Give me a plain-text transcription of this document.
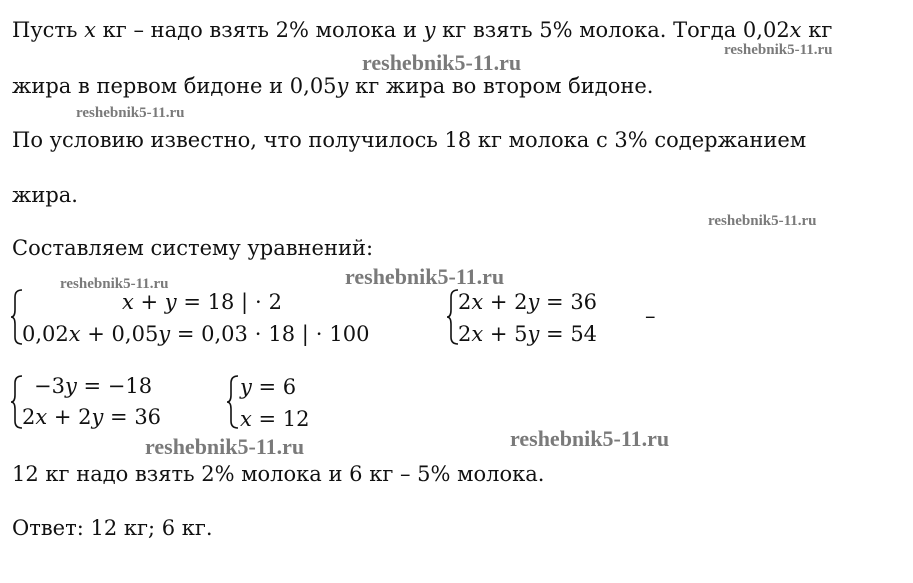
Пусть 𝑥 кг – надо взять 2% молока и 𝑦 кг взять 5% молока. Тогда 0,02𝑥 кг
жира в первом бидоне и 0,05𝑦 кг жира во втором бидоне.
По условию известно, что получилось 18 кг молока с 3% содержанием
жира.
Составляем систему уравнений:
𝑥 + 𝑦 = 18 | ⋅ 2
0,02𝑥 + 0,05𝑦 = 0,03 ⋅ 18 | ⋅ 100
2𝑥 + 2𝑦 = 36
2𝑥 + 5𝑦 = 54
–
−3𝑦 = −18
2𝑥 + 2𝑦 = 36
𝑦 = 6
𝑥 = 12
12 кг надо взять 2% молока и 6 кг – 5% молока.
Ответ: 12 кг; 6 кг.
reshebnik5-11.ru	reshebnik5-11.ru
reshebnik5-11.ru
reshebnik5-11.ru
reshebnik5-11.ru
reshebnik5-11.ru
reshebnik5-11.ru	reshebnik5-11.ru
